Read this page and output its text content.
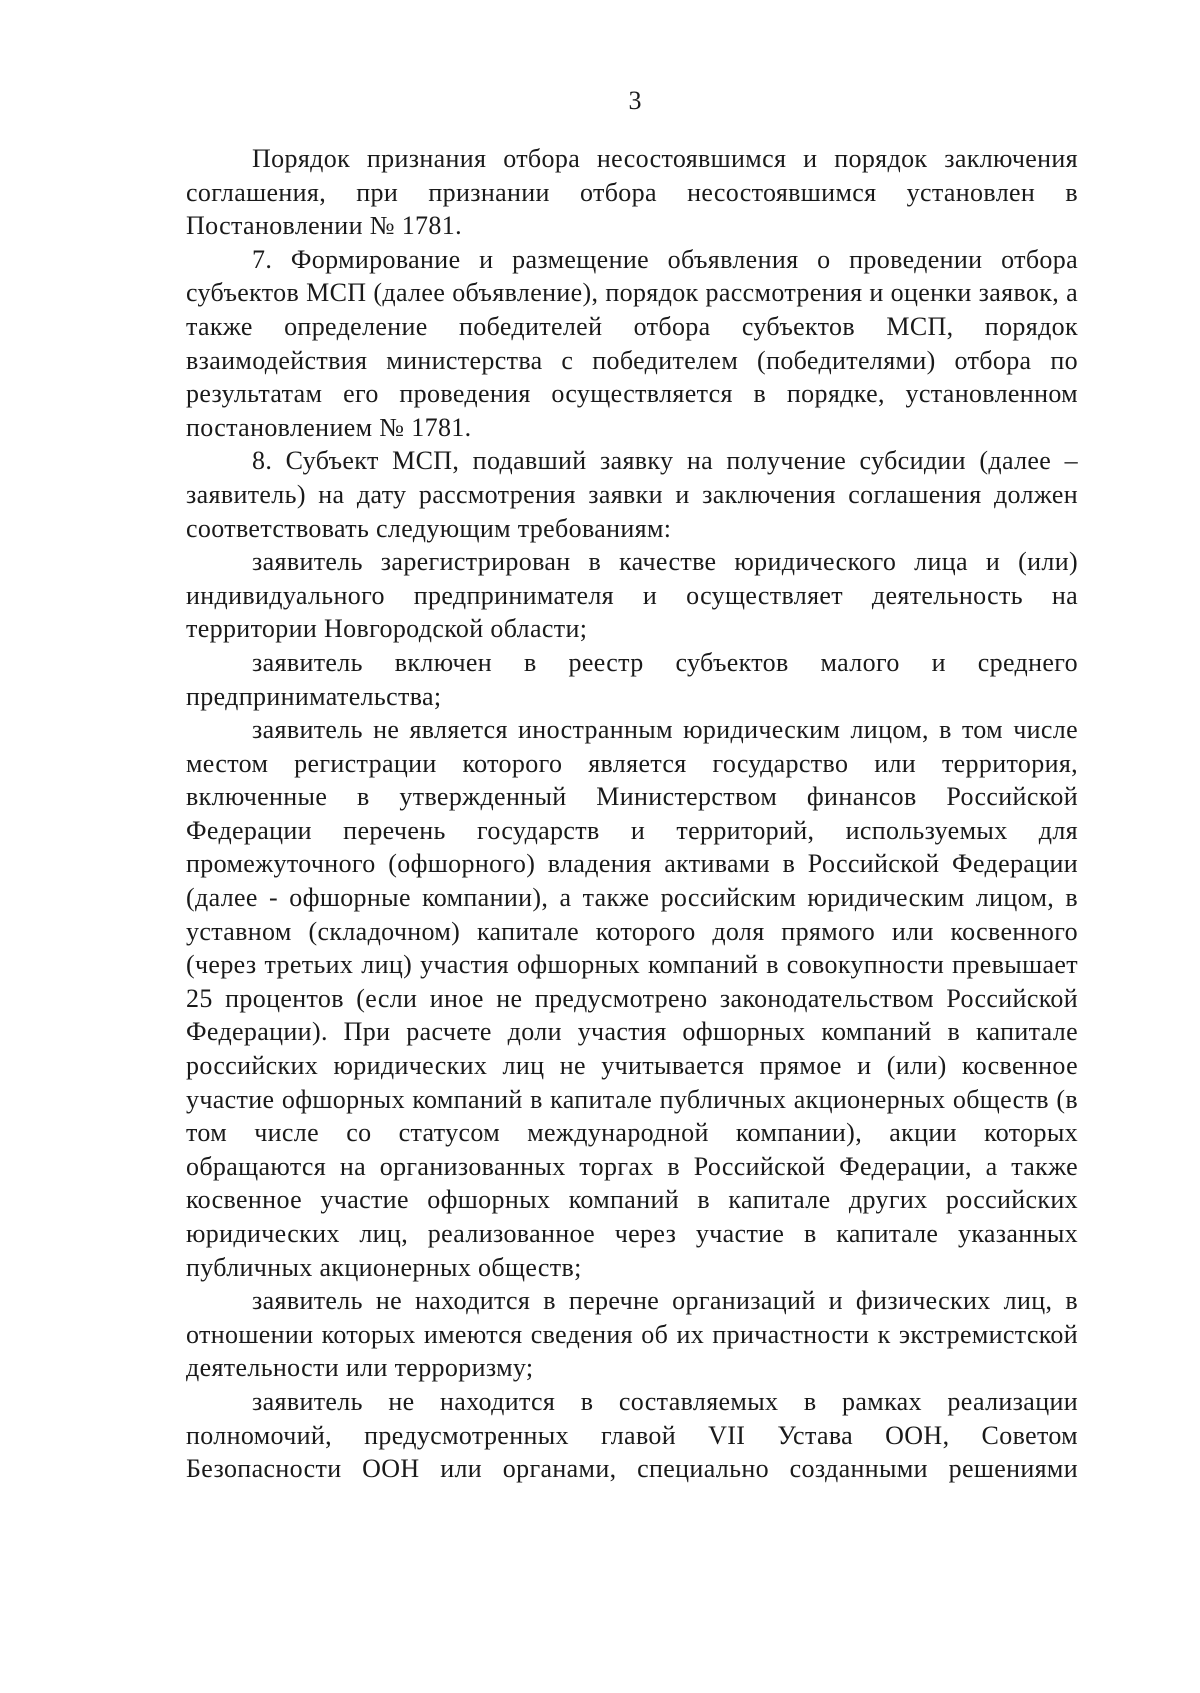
3

Порядок признания отбора несостоявшимся и порядок заключения соглашения, при признании отбора несостоявшимся установлен в Постановлении № 1781.

7. Формирование и размещение объявления о проведении отбора субъектов МСП (далее объявление), порядок рассмотрения и оценки заявок, а также определение победителей отбора субъектов МСП, порядок взаимодействия министерства с победителем (победителями) отбора по результатам его проведения осуществляется в порядке, установленном постановлением № 1781.

8. Субъект МСП, подавший заявку на получение субсидии (далее – заявитель) на дату рассмотрения заявки и заключения соглашения должен соответствовать следующим требованиям:

заявитель зарегистрирован в качестве юридического лица и (или) индивидуального предпринимателя и осуществляет деятельность на территории Новгородской области;

заявитель включен в реестр субъектов малого и среднего предпринимательства;

заявитель не является иностранным юридическим лицом, в том числе местом регистрации которого является государство или территория, включенные в утвержденный Министерством финансов Российской Федерации перечень государств и территорий, используемых для промежуточного (офшорного) владения активами в Российской Федерации (далее - офшорные компании), а также российским юридическим лицом, в уставном (складочном) капитале которого доля прямого или косвенного (через третьих лиц) участия офшорных компаний в совокупности превышает 25 процентов (если иное не предусмотрено законодательством Российской Федерации). При расчете доли участия офшорных компаний в капитале российских юридических лиц не учитывается прямое и (или) косвенное участие офшорных компаний в капитале публичных акционерных обществ (в том числе со статусом международной компании), акции которых обращаются на организованных торгах в Российской Федерации, а также косвенное участие офшорных компаний в капитале других российских юридических лиц, реализованное через участие в капитале указанных публичных акционерных обществ;

заявитель не находится в перечне организаций и физических лиц, в отношении которых имеются сведения об их причастности к экстремистской деятельности или терроризму;

заявитель не находится в составляемых в рамках реализации полномочий, предусмотренных главой VII Устава ООН, Советом Безопасности ООН или органами, специально созданными решениями
